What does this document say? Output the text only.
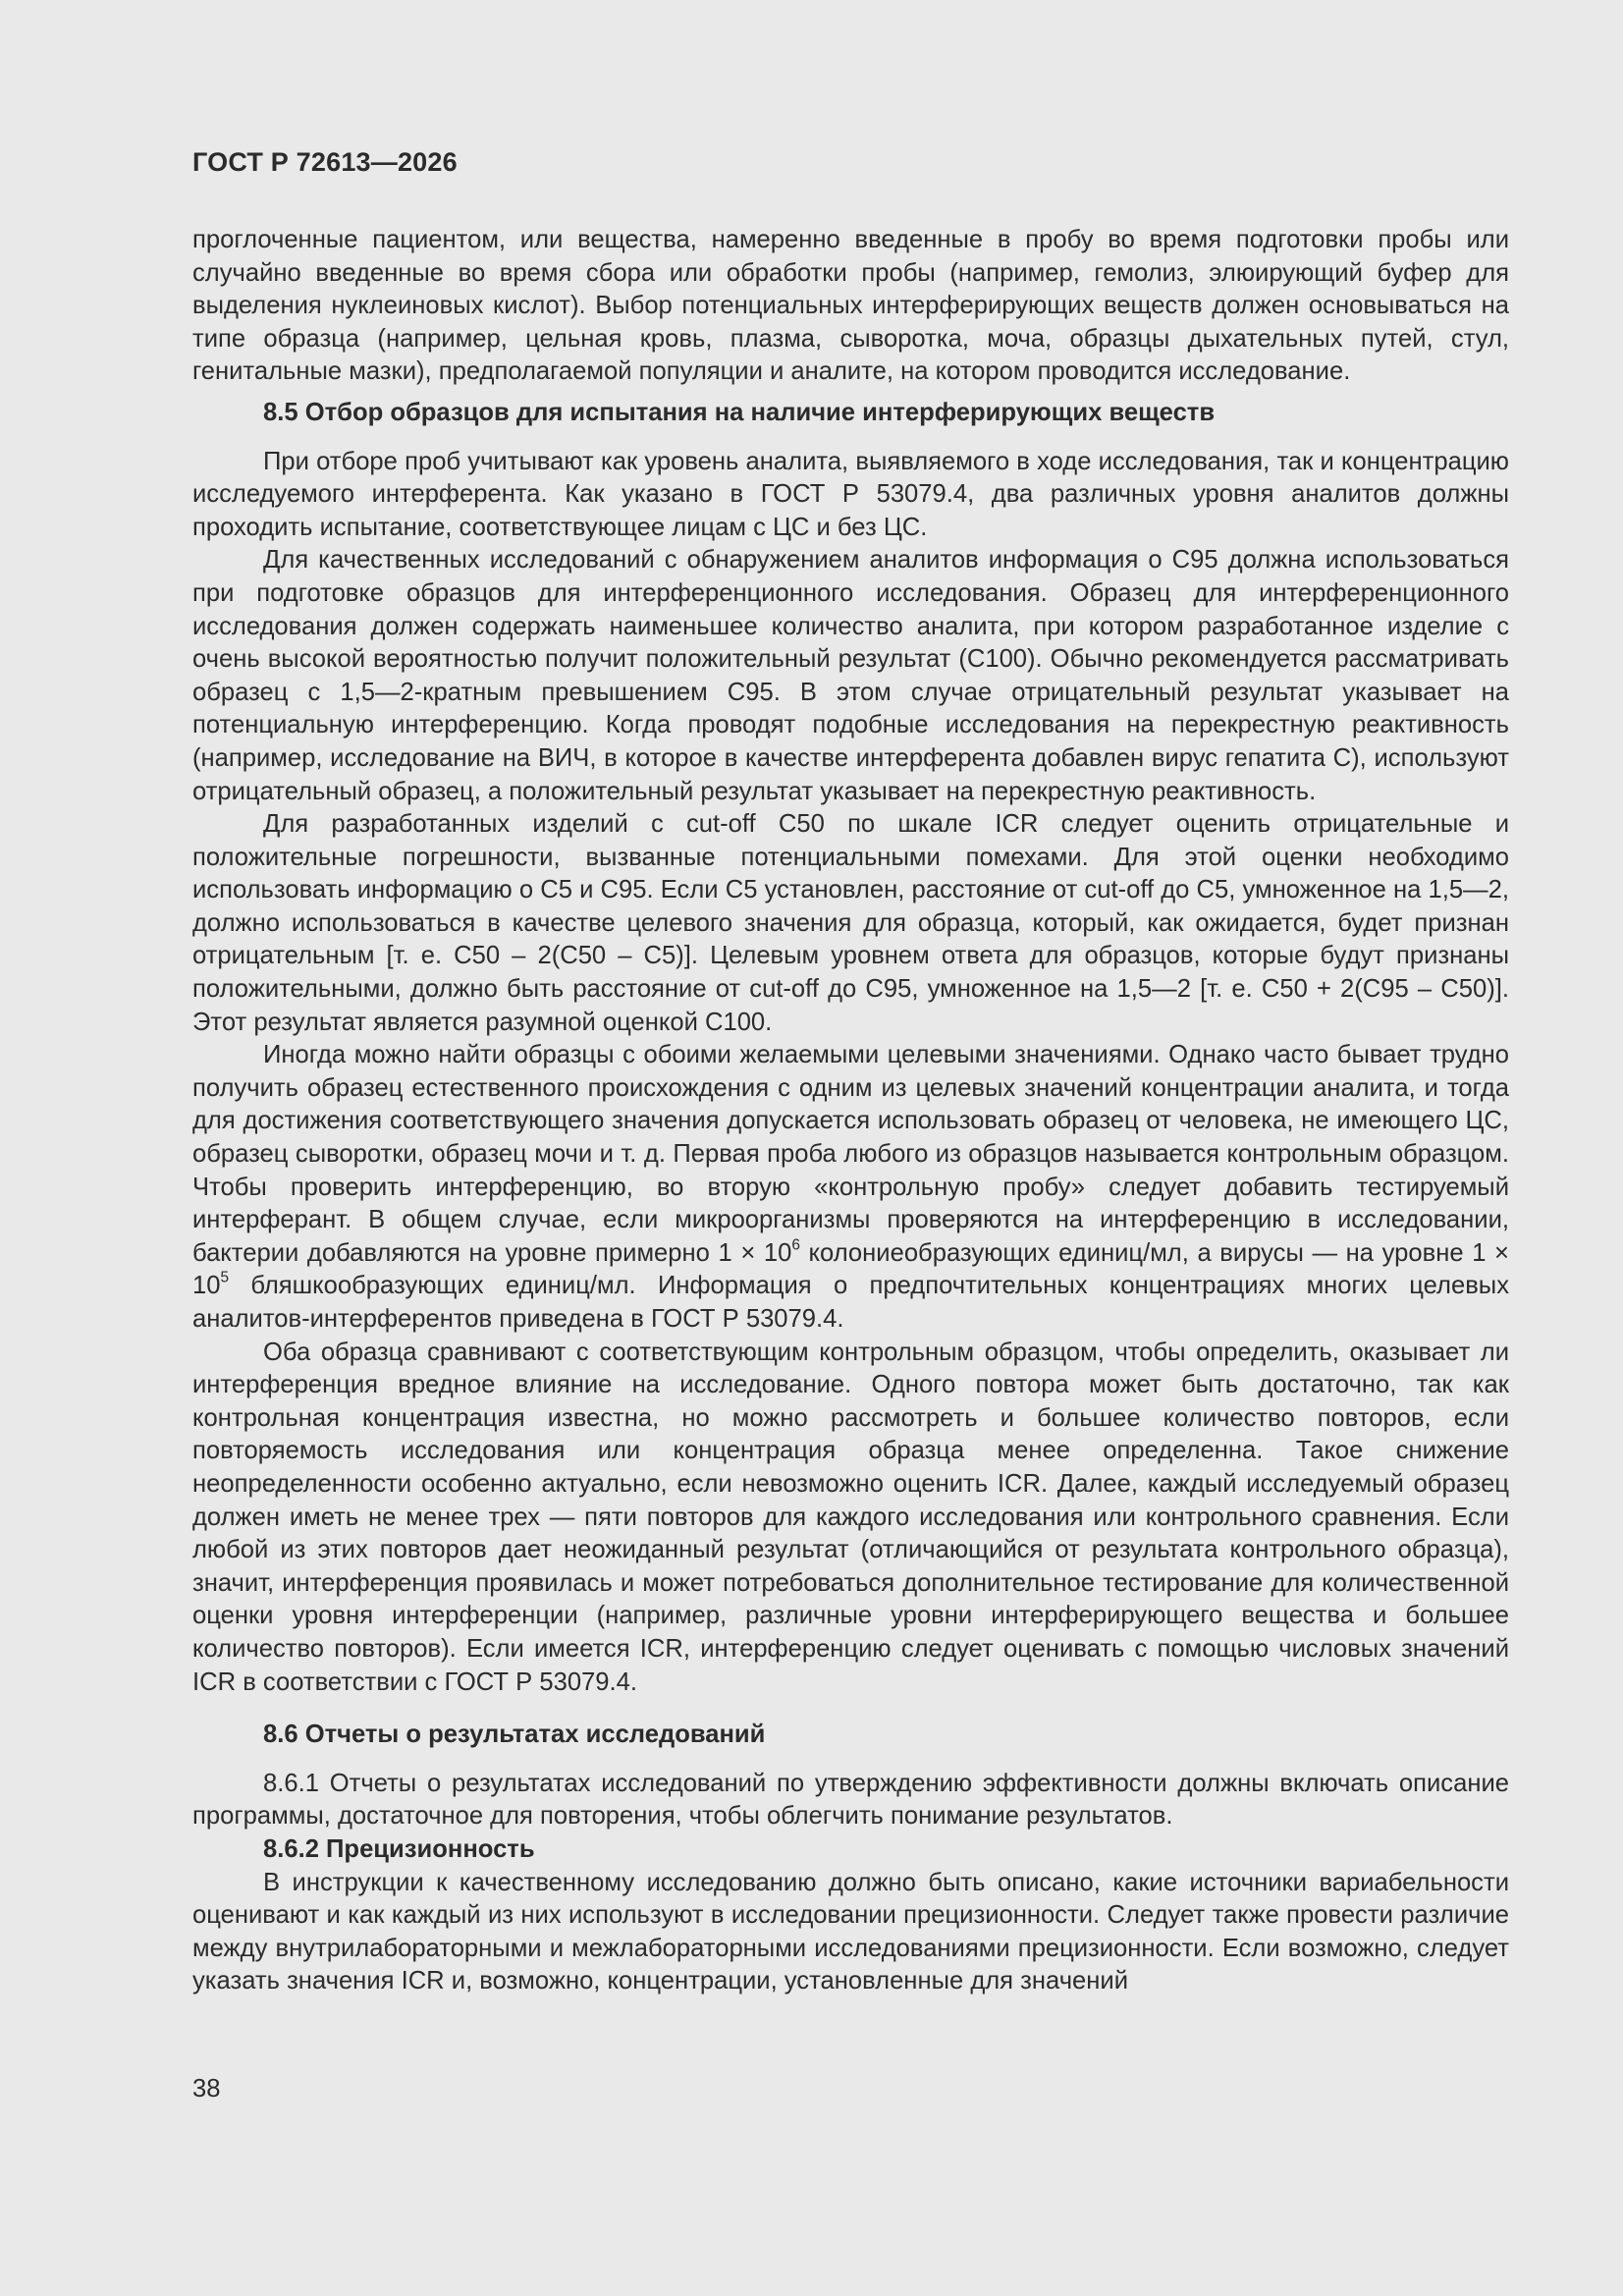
ГОСТ Р 72613—2026

проглоченные пациентом, или вещества, намеренно введенные в пробу во время подготовки пробы или случайно введенные во время сбора или обработки пробы (например, гемолиз, элюирующий буфер для выделения нуклеиновых кислот). Выбор потенциальных интерферирующих веществ должен основываться на типе образца (например, цельная кровь, плазма, сыворотка, моча, образцы дыхательных путей, стул, генитальные мазки), предполагаемой популяции и аналите, на котором проводится исследование.

8.5 Отбор образцов для испытания на наличие интерферирующих веществ

При отборе проб учитывают как уровень аналита, выявляемого в ходе исследования, так и концентрацию исследуемого интерферента. Как указано в ГОСТ Р 53079.4, два различных уровня аналитов должны проходить испытание, соответствующее лицам с ЦС и без ЦС.

Для качественных исследований с обнаружением аналитов информация о С95 должна использоваться при подготовке образцов для интерференционного исследования. Образец для интерференционного исследования должен содержать наименьшее количество аналита, при котором разработанное изделие с очень высокой вероятностью получит положительный результат (С100). Обычно рекомендуется рассматривать образец с 1,5—2-кратным превышением С95. В этом случае отрицательный результат указывает на потенциальную интерференцию. Когда проводят подобные исследования на перекрестную реактивность (например, исследование на ВИЧ, в которое в качестве интерферента добавлен вирус гепатита С), используют отрицательный образец, а положительный результат указывает на перекрестную реактивность.

Для разработанных изделий с cut-off С50 по шкале ICR следует оценить отрицательные и положительные погрешности, вызванные потенциальными помехами. Для этой оценки необходимо использовать информацию о С5 и С95. Если С5 установлен, расстояние от cut-off до С5, умноженное на 1,5—2, должно использоваться в качестве целевого значения для образца, который, как ожидается, будет признан отрицательным [т. е. С50 – 2(С50 – С5)]. Целевым уровнем ответа для образцов, которые будут признаны положительными, должно быть расстояние от cut-off до С95, умноженное на 1,5—2 [т. е. С50 + 2(С95 – С50)]. Этот результат является разумной оценкой С100.

Иногда можно найти образцы с обоими желаемыми целевыми значениями. Однако часто бывает трудно получить образец естественного происхождения с одним из целевых значений концентрации аналита, и тогда для достижения соответствующего значения допускается использовать образец от человека, не имеющего ЦС, образец сыворотки, образец мочи и т. д. Первая проба любого из образцов называется контрольным образцом. Чтобы проверить интерференцию, во вторую «контрольную пробу» следует добавить тестируемый интерферант. В общем случае, если микроорганизмы проверяются на интерференцию в исследовании, бактерии добавляются на уровне примерно $1 \times 10^6$ колониеобразующих единиц/мл, а вирусы — на уровне $1 \times 10^5$ бляшкообразующих единиц/мл. Информация о предпочтительных концентрациях многих целевых аналитов-интерферентов приведена в ГОСТ Р 53079.4.

Оба образца сравнивают с соответствующим контрольным образцом, чтобы определить, оказывает ли интерференция вредное влияние на исследование. Одного повтора может быть достаточно, так как контрольная концентрация известна, но можно рассмотреть и большее количество повторов, если повторяемость исследования или концентрация образца менее определенна. Такое снижение неопределенности особенно актуально, если невозможно оценить ICR. Далее, каждый исследуемый образец должен иметь не менее трех — пяти повторов для каждого исследования или контрольного сравнения. Если любой из этих повторов дает неожиданный результат (отличающийся от результата контрольного образца), значит, интерференция проявилась и может потребоваться дополнительное тестирование для количественной оценки уровня интерференции (например, различные уровни интерферирующего вещества и большее количество повторов). Если имеется ICR, интерференцию следует оценивать с помощью числовых значений ICR в соответствии с ГОСТ Р 53079.4.

8.6 Отчеты о результатах исследований

8.6.1 Отчеты о результатах исследований по утверждению эффективности должны включать описание программы, достаточное для повторения, чтобы облегчить понимание результатов.

8.6.2 Прецизионность

В инструкции к качественному исследованию должно быть описано, какие источники вариабельности оценивают и как каждый из них используют в исследовании прецизионности. Следует также провести различие между внутрилабораторными и межлабораторными исследованиями прецизионности. Если возможно, следует указать значения ICR и, возможно, концентрации, установленные для значений

38
